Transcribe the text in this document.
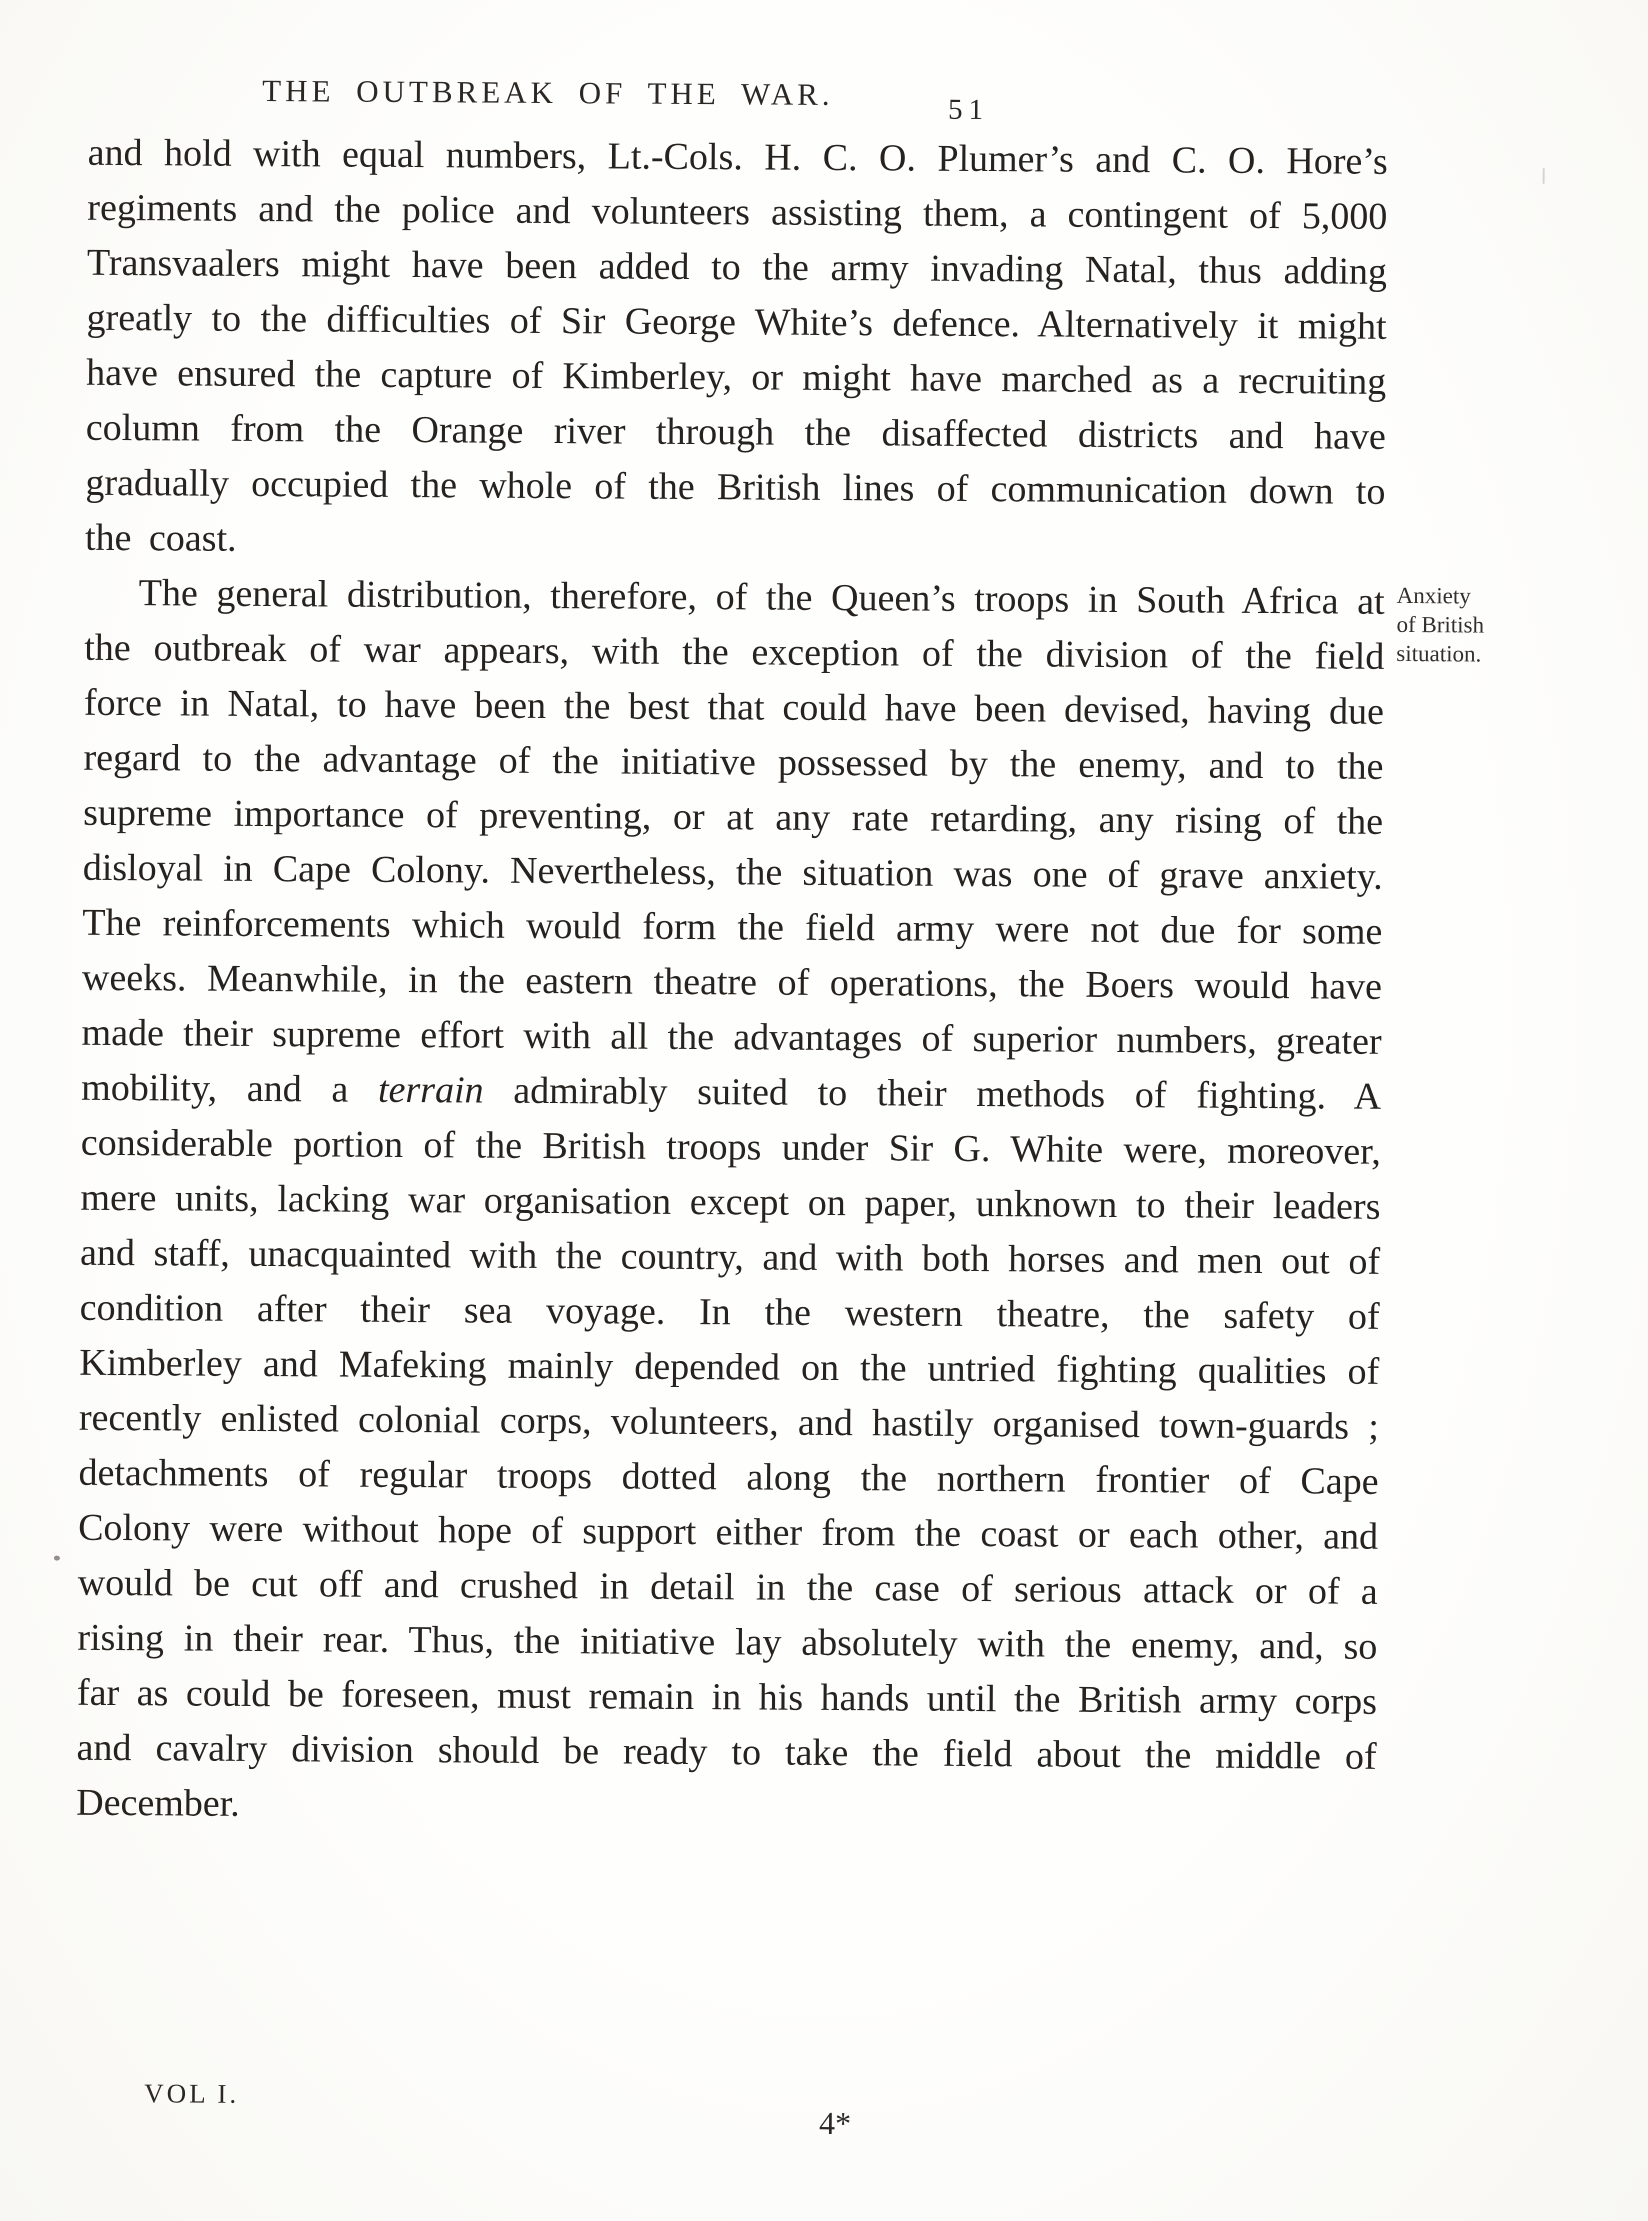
THE OUTBREAK OF THE WAR.	51
and hold with equal numbers, Lt.-Cols. H. C. O. Plumer’s and C. O. Hore’s regiments and the police and volunteers assisting them, a contingent of 5,000 Transvaalers might have been added to the army invading Natal, thus adding greatly to the difficulties of Sir George White’s defence. Alternatively it might have ensured the capture of Kimberley, or might have marched as a recruiting column from the Orange river through the disaffected districts and have gradually occupied the whole of the British lines of communication down to the coast.
Anxiety of British situation.
The general distribution, therefore, of the Queen’s troops in South Africa at the outbreak of war appears, with the exception of the division of the field force in Natal, to have been the best that could have been devised, having due regard to the advantage of the initiative possessed by the enemy, and to the supreme importance of preventing, or at any rate retarding, any rising of the disloyal in Cape Colony. Nevertheless, the situation was one of grave anxiety. The reinforcements which would form the field army were not due for some weeks. Meanwhile, in the eastern theatre of operations, the Boers would have made their supreme effort with all the advantages of superior numbers, greater mobility, and a terrain admirably suited to their methods of fighting. A considerable portion of the British troops under Sir G. White were, moreover, mere units, lacking war organisation except on paper, unknown to their leaders and staff, unacquainted with the country, and with both horses and men out of condition after their sea voyage. In the western theatre, the safety of Kimberley and Mafeking mainly depended on the untried fighting qualities of recently enlisted colonial corps, volunteers, and hastily organised town-guards ; detachments of regular troops dotted along the northern frontier of Cape Colony were without hope of support either from the coast or each other, and would be cut off and crushed in detail in the case of serious attack or of a rising in their rear. Thus, the initiative lay absolutely with the enemy, and, so far as could be foreseen, must remain in his hands until the British army corps and cavalry division should be ready to take the field about the middle of December.
VOL I.
4*
